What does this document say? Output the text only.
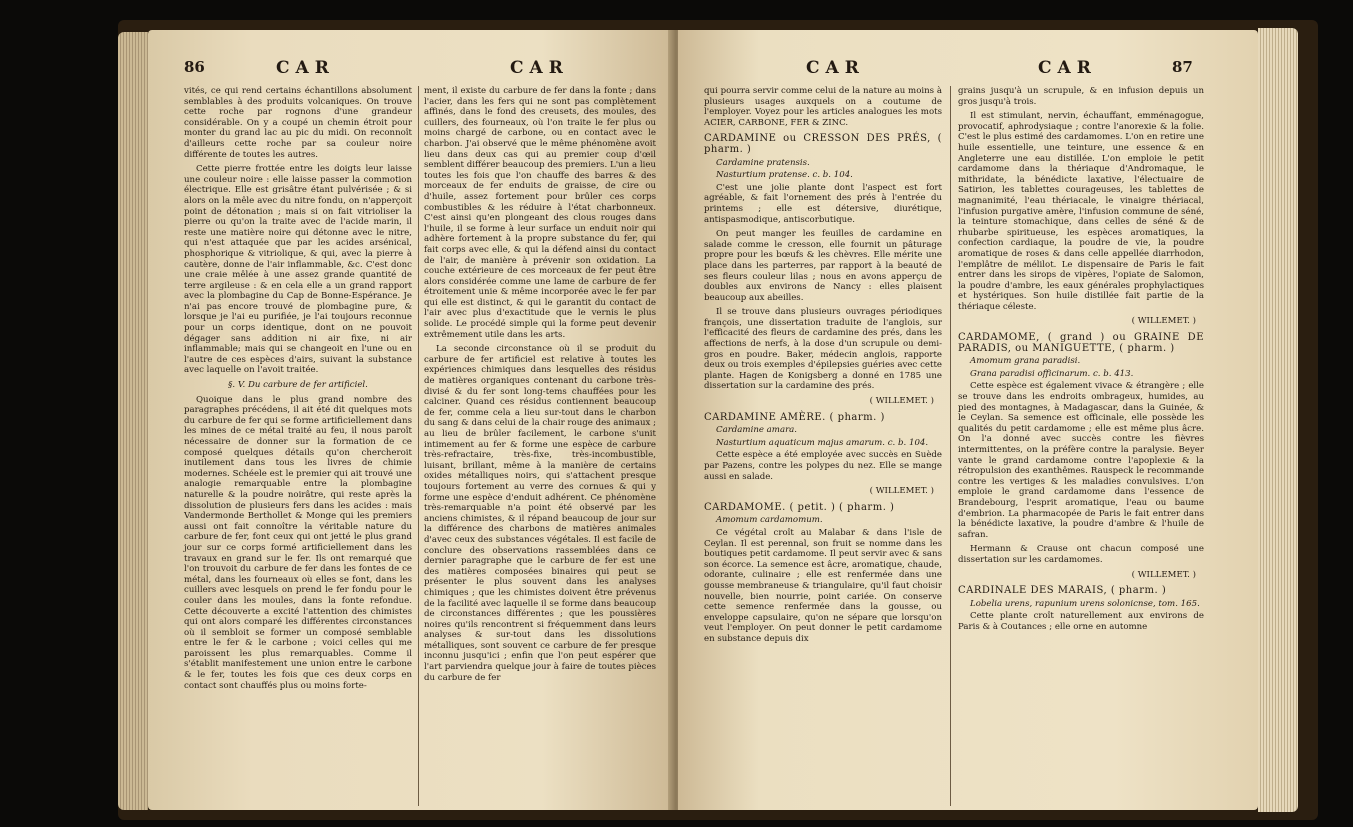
86	CAR	CAR

vités, ce qui rend certains échantillons absolument semblables à des produits volcaniques. On trouve cette roche par rognons d'une grandeur considérable. On y a coupé un chemin étroit pour monter du grand lac au pic du midi. On reconnoît d'ailleurs cette roche par sa couleur noire différente de toutes les autres.

Cette pierre frottée entre les doigts leur laisse une couleur noire : elle laisse passer la commotion électrique. Elle est grisâtre étant pulvérisée ; & si alors on la mêle avec du nitre fondu, on n'apperçoit point de détonation ; mais si on fait vitrioliser la pierre ou qu'on la traite avec de l'acide marin, il reste une matière noire qui détonne avec le nitre, qui n'est attaquée que par les acides arsénical, phosphorique & vitriolique, & qui, avec la pierre à cautère, donne de l'air inflammable, &c. C'est donc une craie mêlée à une assez grande quantité de terre argileuse : & en cela elle a un grand rapport avec la plombagine du Cap de Bonne-Espérance. Je n'ai pas encore trouvé de plombagine pure, & lorsque je l'ai eu purifiée, je l'ai toujours reconnue pour un corps identique, dont on ne pouvoit dégager sans addition ni air fixe, ni air inflammable; mais qui se changeoit en l'une ou en l'autre de ces espèces d'airs, suivant la substance avec laquelle on l'avoit traitée.

§. V. Du carbure de fer artificiel.

Quoique dans le plus grand nombre des paragraphes précédens, il ait été dit quelques mots du carbure de fer qui se forme artificiellement dans les mines de ce métal traité au feu, il nous paroît nécessaire de donner sur la formation de ce composé quelques détails qu'on chercheroit inutilement dans tous les livres de chimie modernes. Schéele est le premier qui ait trouvé une analogie remarquable entre la plombagine naturelle & la poudre noirâtre, qui reste après la dissolution de plusieurs fers dans les acides : mais Vandermonde Berthollet & Monge qui les premiers aussi ont fait connoître la véritable nature du carbure de fer, font ceux qui ont jetté le plus grand jour sur ce corps formé artificiellement dans les travaux en grand sur le fer. Ils ont remarqué que l'on trouvoit du carbure de fer dans les fontes de ce métal, dans les fourneaux où elles se font, dans les cuillers avec lesquels on prend le fer fondu pour le couler dans les moules, dans la fonte refondue. Cette découverte a excité l'attention des chimistes qui ont alors comparé les différentes circonstances où il sembloit se former un composé semblable entre le fer & le carbone ; voici celles qui me paroissent les plus remarquables. Comme il s'établit manifestement une union entre le carbone & le fer, toutes les fois que ces deux corps en contact sont chauffés plus ou moins forte-

ment, il existe du carbure de fer dans la fonte ; dans l'acier, dans les fers qui ne sont pas complètement affinés, dans le fond des creusets, des moules, des cuillers, des fourneaux, où l'on traite le fer plus ou moins chargé de carbone, ou en contact avec le charbon. J'ai observé que le même phénomène avoit lieu dans deux cas qui au premier coup d'œil semblent différer beaucoup des premiers. L'un a lieu toutes les fois que l'on chauffe des barres & des morceaux de fer enduits de graisse, de cire ou d'huile, assez fortement pour brûler ces corps combustibles & les réduire à l'état charbonneux. C'est ainsi qu'en plongeant des clous rouges dans l'huile, il se forme à leur surface un enduit noir qui adhère fortement à la propre substance du fer, qui fait corps avec elle, & qui la défend ainsi du contact de l'air, de manière à prévenir son oxidation. La couche extérieure de ces morceaux de fer peut être alors considérée comme une lame de carbure de fer étroitement unie & même incorporée avec le fer par qui elle est distinct, & qui le garantit du contact de l'air avec plus d'exactitude que le vernis le plus solide. Le procédé simple qui la forme peut devenir extrêmement utile dans les arts.

La seconde circonstance où il se produit du carbure de fer artificiel est relative à toutes les expériences chimiques dans lesquelles des résidus de matières organiques contenant du carbone très-divisé & du fer sont long-tems chauffées pour les calciner. Quand ces résidus contiennent beaucoup de fer, comme cela a lieu sur-tout dans le charbon du sang & dans celui de la chair rouge des animaux ; au lieu de brûler facilement, le carbone s'unit intimement au fer & forme une espèce de carbure très-refractaire, très-fixe, très-incombustible, luisant, brillant, même à la manière de certains oxides métalliques noirs, qui s'attachent presque toujours fortement au verre des cornues & qui y forme une espèce d'enduit adhérent. Ce phénomène très-remarquable n'a point été observé par les anciens chimistes, & il répand beaucoup de jour sur la différence des charbons de matières animales d'avec ceux des substances végétales. Il est facile de conclure des observations rassemblées dans ce dernier paragraphe que le carbure de fer est une des matières composées binaires qui peut se présenter le plus souvent dans les analyses chimiques ; que les chimistes doivent être prévenus de la facilité avec laquelle il se forme dans beaucoup de circonstances différentes ; que les poussières noires qu'ils rencontrent si fréquemment dans leurs analyses & sur-tout dans les dissolutions métalliques, sont souvent ce carbure de fer presque inconnu jusqu'ici ; enfin que l'on peut espérer que l'art parviendra quelque jour à faire de toutes pièces du carbure de fer

CAR	CAR	87

qui pourra servir comme celui de la nature au moins à plusieurs usages auxquels on a coutume de l'employer. Voyez pour les articles analogues les mots ACIER, CARBONE, FER & ZINC.

CARDAMINE ou CRESSON DES PRÉS, ( pharm. )

Cardamine pratensis.

Nasturtium pratense. c. b. 104.

C'est une jolie plante dont l'aspect est fort agréable, & fait l'ornement des prés à l'entrée du printems ; elle est détersive, diurétique, antispasmodique, antiscorbutique.

On peut manger les feuilles de cardamine en salade comme le cresson, elle fournit un pâturage propre pour les bœufs & les chèvres. Elle mérite une place dans les parterres, par rapport à la beauté de ses fleurs couleur lilas ; nous en avons apperçu de doubles aux environs de Nancy : elles plaisent beaucoup aux abeilles.

Il se trouve dans plusieurs ouvrages périodiques françois, une dissertation traduite de l'anglois, sur l'efficacité des fleurs de cardamine des prés, dans les affections de nerfs, à la dose d'un scrupule ou demi-gros en poudre. Baker, médecin anglois, rapporte deux ou trois exemples d'épilepsies guéries avec cette plante. Hagen de Konigsberg a donné en 1785 une dissertation sur la cardamine des prés.

( WILLEMET. )

CARDAMINE AMÈRE. ( pharm. )

Cardamine amara.

Nasturtium aquaticum majus amarum. c. b. 104.

Cette espèce a été employée avec succès en Suède par Pazens, contre les polypes du nez. Elle se mange aussi en salade.

( WILLEMET. )

CARDAMOME. ( petit. ) ( pharm. )

Amomum cardamomum.

Ce végétal croît au Malabar & dans l'isle de Ceylan. Il est perennal, son fruit se nomme dans les boutiques petit cardamome. Il peut servir avec & sans son écorce. La semence est âcre, aromatique, chaude, odorante, culinaire ; elle est renfermée dans une gousse membraneuse & triangulaire, qu'il faut choisir nouvelle, bien nourrie, point cariée. On conserve cette semence renfermée dans la gousse, ou enveloppe capsulaire, qu'on ne sépare que lorsqu'on veut l'employer. On peut donner le petit cardamome en substance depuis dix

grains jusqu'à un scrupule, & en infusion depuis un gros jusqu'à trois.

Il est stimulant, nervin, échauffant, emménagogue, provocatif, aphrodysiaque ; contre l'anorexie & la folie. C'est le plus estimé des cardamomes. L'on en retire une huile essentielle, une teinture, une essence & en Angleterre une eau distillée. L'on emploie le petit cardamome dans la thériaque d'Andromaque, le mithridate, la bénédicte laxative, l'électuaire de Satirion, les tablettes courageuses, les tablettes de magnanimité, l'eau thériacale, le vinaigre thériacal, l'infusion purgative amère, l'infusion commune de séné, la teinture stomachique, dans celles de séné & de rhubarbe spiritueuse, les espèces aromatiques, la confection cardiaque, la poudre de vie, la poudre aromatique de roses & dans celle appellée diarrhodon, l'emplâtre de mélilot. Le dispensaire de Paris le fait entrer dans les sirops de vipères, l'opiate de Salomon, la poudre d'ambre, les eaux générales prophylactiques et hystériques. Son huile distillée fait partie de la thériaque céleste.

( WILLEMET. )

CARDAMOME, ( grand ) ou GRAINE DE PARADIS, ou MANIGUETTE, ( pharm. )

Amomum grana paradisi.

Grana paradisi officinarum. c. b. 413.

Cette espèce est également vivace & étrangère ; elle se trouve dans les endroits ombrageux, humides, au pied des montagnes, à Madagascar, dans la Guinée, & le Ceylan. Sa semence est officinale, elle possède les qualités du petit cardamome ; elle est même plus âcre. On l'a donné avec succès contre les fièvres intermittentes, on la préfère contre la paralysie. Beyer vante le grand cardamome contre l'apoplexie & la rétropulsion des exanthêmes. Rauspeck le recommande contre les vertiges & les maladies convulsives. L'on emploie le grand cardamome dans l'essence de Brandebourg, l'esprit aromatique, l'eau ou baume d'embrion. La pharmacopée de Paris le fait entrer dans la bénédicte laxative, la poudre d'ambre & l'huile de safran.

Hermann & Crause ont chacun composé une dissertation sur les cardamomes.

( WILLEMET. )

CARDINALE DES MARAIS, ( pharm. )

Lobelia urens, rapunium urens solonicnse, tom. 165.

Cette plante croît naturellement aux environs de Paris & à Coutances ; elle orne en automne
